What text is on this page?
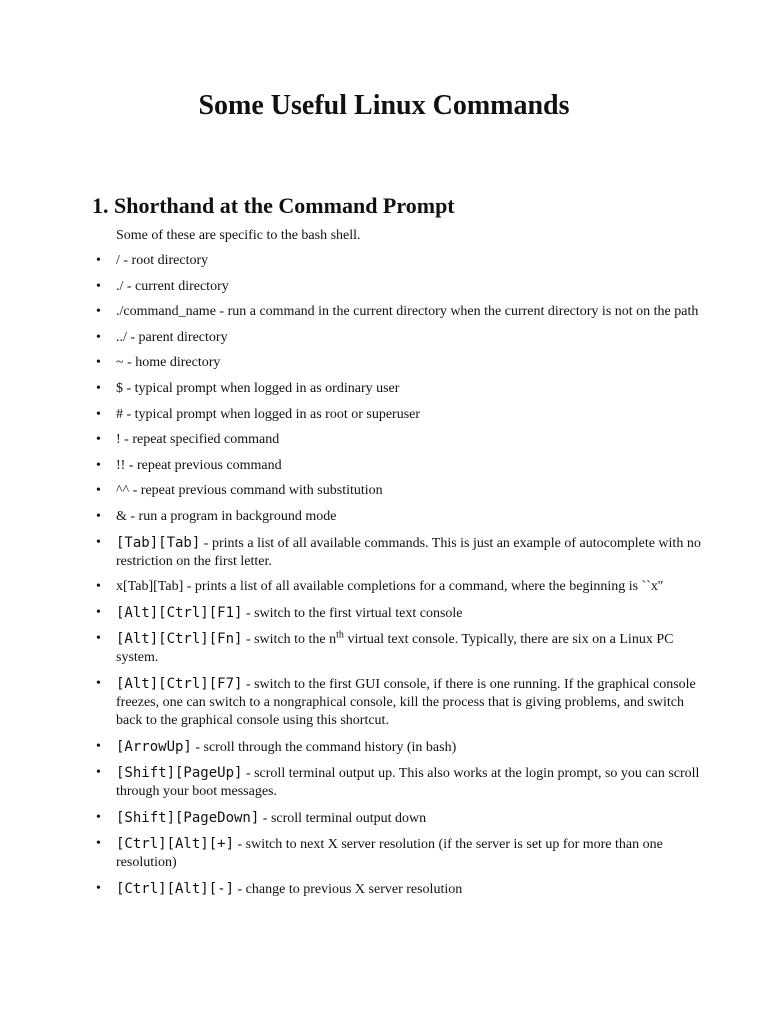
Some Useful Linux Commands
1. Shorthand at the Command Prompt

Some of these are specific to the bash shell.

• / - root directory
• ./ - current directory
• ./command_name - run a command in the current directory when the current directory is not on the path
• ../ - parent directory
• ~ - home directory
• $ - typical prompt when logged in as ordinary user
• # - typical prompt when logged in as root or superuser
• ! - repeat specified command
• !! - repeat previous command
• ^^ - repeat previous command with substitution
• & - run a program in background mode
• [Tab][Tab] - prints a list of all available commands. This is just an example of autocomplete with no restriction on the first letter.
• x[Tab][Tab] - prints a list of all available completions for a command, where the beginning is ``x''
• [Alt][Ctrl][F1] - switch to the first virtual text console
• [Alt][Ctrl][Fn] - switch to the $n^{th}$ virtual text console. Typically, there are six on a Linux PC system.
• [Alt][Ctrl][F7] - switch to the first GUI console, if there is one running. If the graphical console freezes, one can switch to a nongraphical console, kill the process that is giving problems, and switch back to the graphical console using this shortcut.
• [ArrowUp] - scroll through the command history (in bash)
• [Shift][PageUp] - scroll terminal output up. This also works at the login prompt, so you can scroll through your boot messages.
• [Shift][PageDown] - scroll terminal output down
• [Ctrl][Alt][+] - switch to next X server resolution (if the server is set up for more than one resolution)
• [Ctrl][Alt][-] - change to previous X server resolution
